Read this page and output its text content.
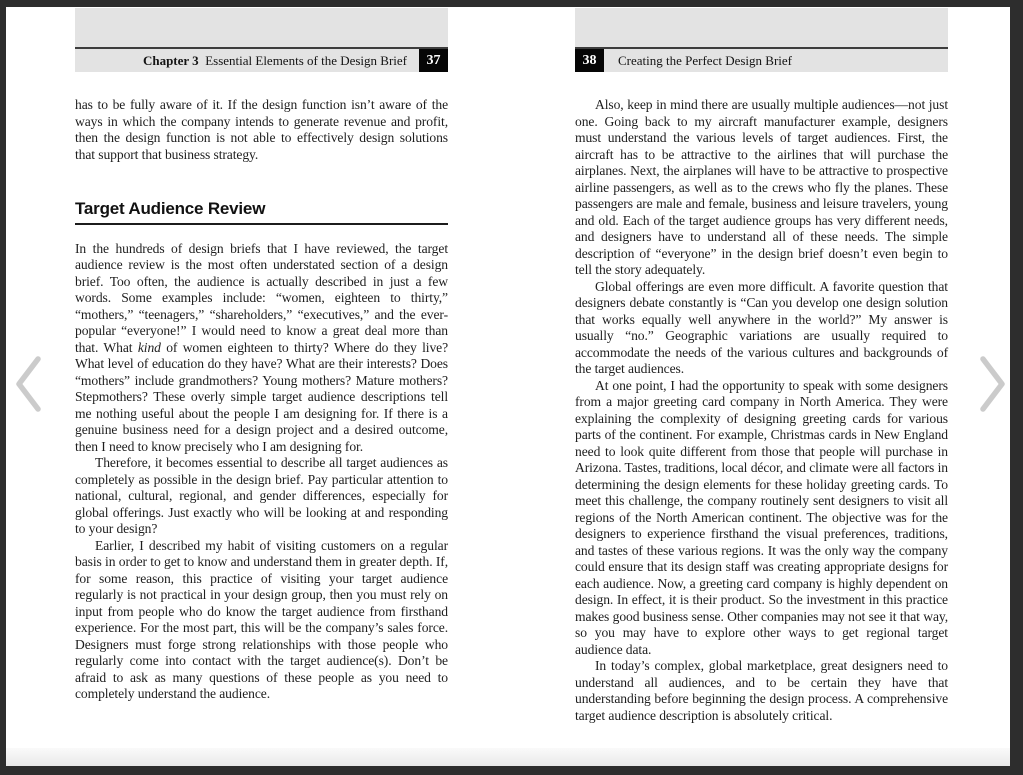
Chapter 3 Essential Elements of the Design Brief	37

has to be fully aware of it. If the design function isn’t aware of the ways in which the company intends to generate revenue and profit, then the design function is not able to effectively design solutions that support that business strategy.

Target Audience Review

In the hundreds of design briefs that I have reviewed, the target audience review is the most often understated section of a design brief. Too often, the audience is actually described in just a few words. Some examples include: “women, eighteen to thirty,” “mothers,” “teenagers,” “shareholders,” “executives,” and the ever-popular “everyone!” I would need to know a great deal more than that. What kind of women eighteen to thirty? Where do they live? What level of education do they have? What are their interests? Does “mothers” include grandmothers? Young mothers? Mature mothers? Stepmothers? These overly simple target audience descriptions tell me nothing useful about the people I am designing for. If there is a genuine business need for a design project and a desired outcome, then I need to know precisely who I am designing for.

Therefore, it becomes essential to describe all target audiences as completely as possible in the design brief. Pay particular attention to national, cultural, regional, and gender differences, especially for global offerings. Just exactly who will be looking at and responding to your design?

Earlier, I described my habit of visiting customers on a regular basis in order to get to know and understand them in greater depth. If, for some reason, this practice of visiting your target audience regularly is not practical in your design group, then you must rely on input from people who do know the target audience from firsthand experience. For the most part, this will be the company’s sales force. Designers must forge strong relationships with those people who regularly come into contact with the target audience(s). Don’t be afraid to ask as many questions of these people as you need to completely understand the audience.

38	Creating the Perfect Design Brief

Also, keep in mind there are usually multiple audiences—not just one. Going back to my aircraft manufacturer example, designers must understand the various levels of target audiences. First, the aircraft has to be attractive to the airlines that will purchase the airplanes. Next, the airplanes will have to be attractive to prospective airline passengers, as well as to the crews who fly the planes. These passengers are male and female, business and leisure travelers, young and old. Each of the target audience groups has very different needs, and designers have to understand all of these needs. The simple description of “everyone” in the design brief doesn’t even begin to tell the story adequately.

Global offerings are even more difficult. A favorite question that designers debate constantly is “Can you develop one design solution that works equally well anywhere in the world?” My answer is usually “no.” Geographic variations are usually required to accommodate the needs of the various cultures and backgrounds of the target audiences.

At one point, I had the opportunity to speak with some designers from a major greeting card company in North America. They were explaining the complexity of designing greeting cards for various parts of the continent. For example, Christmas cards in New England need to look quite different from those that people will purchase in Arizona. Tastes, traditions, local décor, and climate were all factors in determining the design elements for these holiday greeting cards. To meet this challenge, the company routinely sent designers to visit all regions of the North American continent. The objective was for the designers to experience firsthand the visual preferences, traditions, and tastes of these various regions. It was the only way the company could ensure that its design staff was creating appropriate designs for each audience. Now, a greeting card company is highly dependent on design. In effect, it is their product. So the investment in this practice makes good business sense. Other companies may not see it that way, so you may have to explore other ways to get regional target audience data.

In today’s complex, global marketplace, great designers need to understand all audiences, and to be certain they have that understanding before beginning the design process. A comprehensive target audience description is absolutely critical.
